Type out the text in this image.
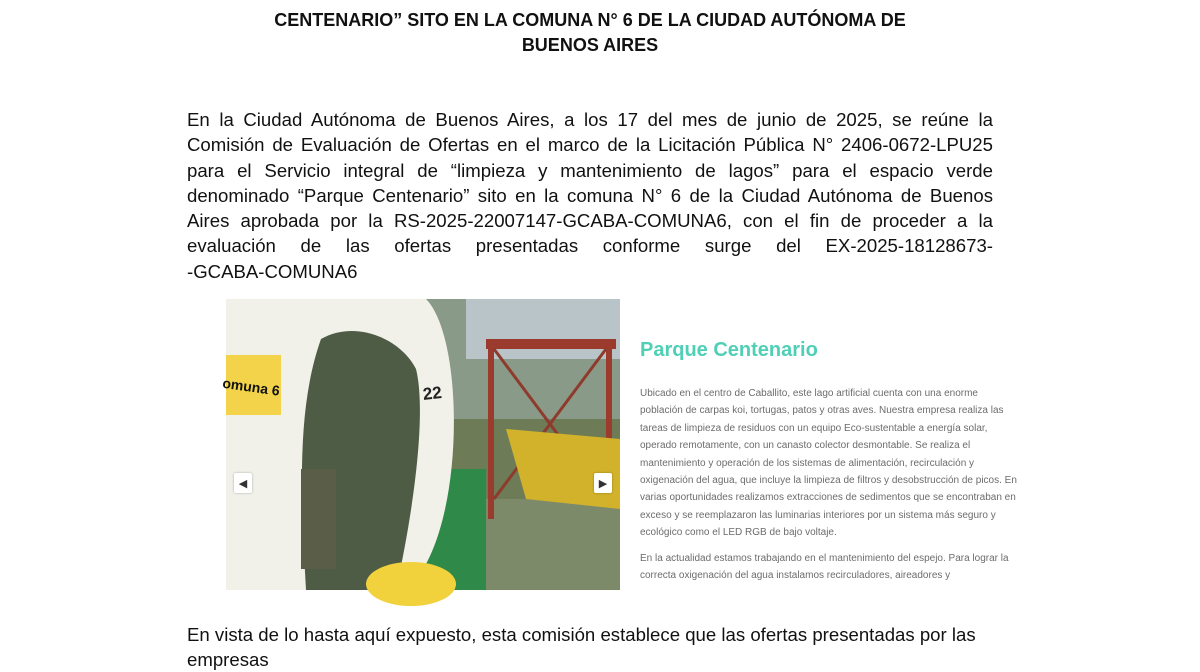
CENTENARIO” SITO EN LA COMUNA N° 6 DE LA CIUDAD AUTÓNOMA DE
BUENOS AIRES
En la Ciudad Autónoma de Buenos Aires, a los 17 del mes de junio de 2025, se reúne la
Comisión de Evaluación de Ofertas en el marco de la Licitación Pública N° 2406-0672-LPU25
para el Servicio integral de “limpieza y mantenimiento de lagos” para el espacio verde
denominado “Parque Centenario” sito en la comuna N° 6 de la Ciudad Autónoma de Buenos
Aires aprobada por la RS-2025-22007147-GCABA-COMUNA6, con el fin de proceder a la
evaluación de las ofertas presentadas conforme surge del EX-2025-18128673-
-GCABA-COMUNA6
omuna 6	22
◀	▶
Parque Centenario

Ubicado en el centro de Caballito, este lago artificial cuenta con una enorme población de carpas koi, tortugas, patos y otras aves. Nuestra empresa realiza las tareas de limpieza de residuos con un equipo Eco-sustentable a energía solar, operado remotamente, con un canasto colector desmontable. Se realiza el mantenimiento y operación de los sistemas de alimentación, recirculación y oxigenación del agua, que incluye la limpieza de filtros y desobstrucción de picos. En varias oportunidades realizamos extracciones de sedimentos que se encontraban en exceso y se reemplazaron las luminarias interiores por un sistema más seguro y ecológico como el LED RGB de bajo voltaje.

En la actualidad estamos trabajando en el mantenimiento del espejo. Para lograr la correcta oxigenación del agua instalamos recirculadores, aireadores y

En vista de lo hasta aquí expuesto, esta comisión establece que las ofertas presentadas por las empresas
